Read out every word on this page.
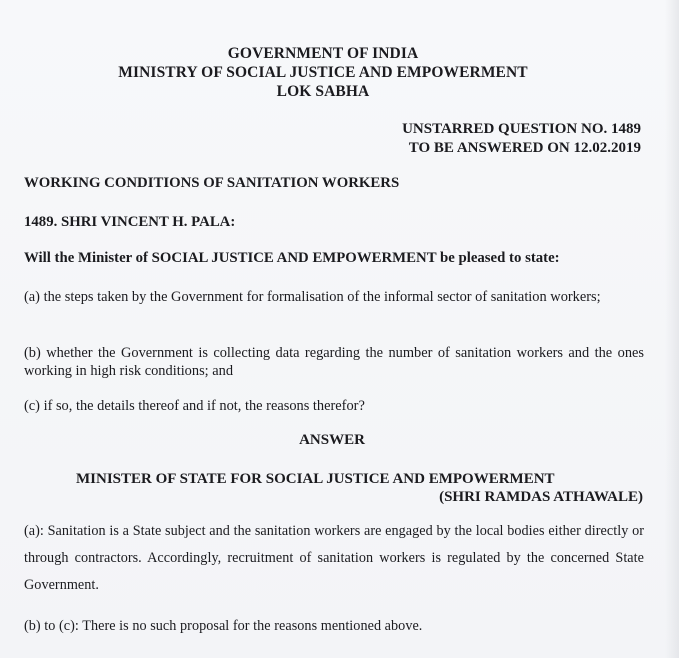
GOVERNMENT OF INDIA

MINISTRY OF SOCIAL JUSTICE AND EMPOWERMENT

LOK SABHA

UNSTARRED QUESTION NO. 1489

TO BE ANSWERED ON 12.02.2019

WORKING CONDITIONS OF SANITATION WORKERS

1489. SHRI VINCENT H. PALA:

Will the Minister of SOCIAL JUSTICE AND EMPOWERMENT be pleased to state:

(a) the steps taken by the Government for formalisation of the informal sector of sanitation workers;

(b) whether the Government is collecting data regarding the number of sanitation workers and the ones working in high risk conditions; and

(c) if so, the details thereof and if not, the reasons therefor?

ANSWER

MINISTER OF STATE FOR SOCIAL JUSTICE AND EMPOWERMENT

(SHRI RAMDAS ATHAWALE)

(a): Sanitation is a State subject and the sanitation workers are engaged by the local bodies either directly or through contractors. Accordingly, recruitment of sanitation workers is regulated by the concerned State Government.

(b) to (c): There is no such proposal for the reasons mentioned above.
